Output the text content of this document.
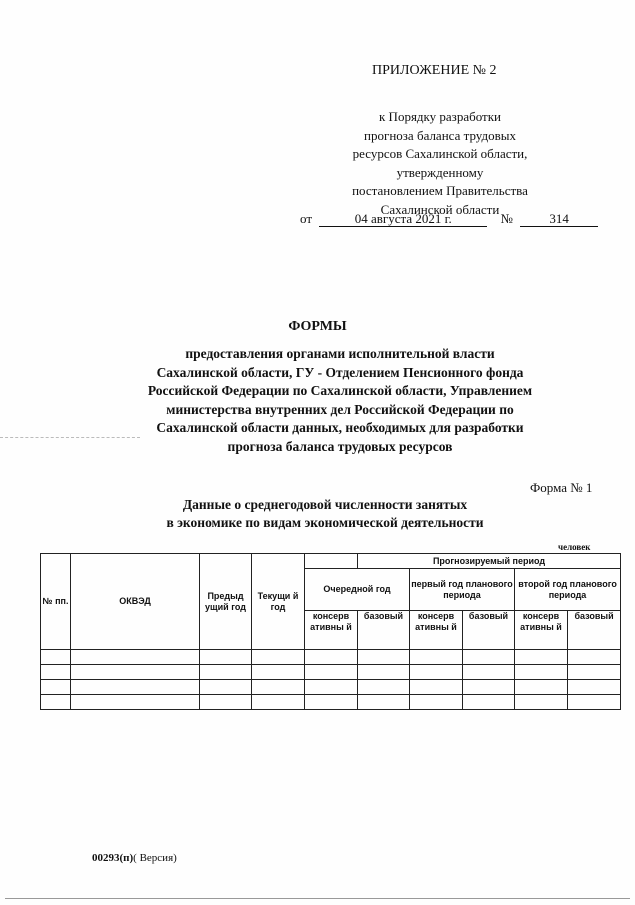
ПРИЛОЖЕНИЕ № 2
к Порядку разработки
прогноза баланса трудовых
ресурсов Сахалинской области,
утвержденному
постановлением Правительства
Сахалинской области
от	04 августа 2021 г.	№	314
ФОРМЫ
предоставления органами исполнительной власти
Сахалинской области, ГУ - Отделением Пенсионного фонда
Российской Федерации по Сахалинской области, Управлением
министерства внутренних дел Российской Федерации по
Сахалинской области данных, необходимых для разработки
прогноза баланса трудовых ресурсов
Форма № 1
Данные о среднегодовой численности занятых
в экономике по видам экономической деятельности
человек
№ пп.	ОКВЭД	Предыд ущий год	Текущи й год		Прогнозируемый период				
				Очередной год		первый год планового периода		второй год планового периода	
				консерв ативны й	базовый	консерв ативны й	базовый	консерв ативны й	базовый

00293(п)( Версия)
